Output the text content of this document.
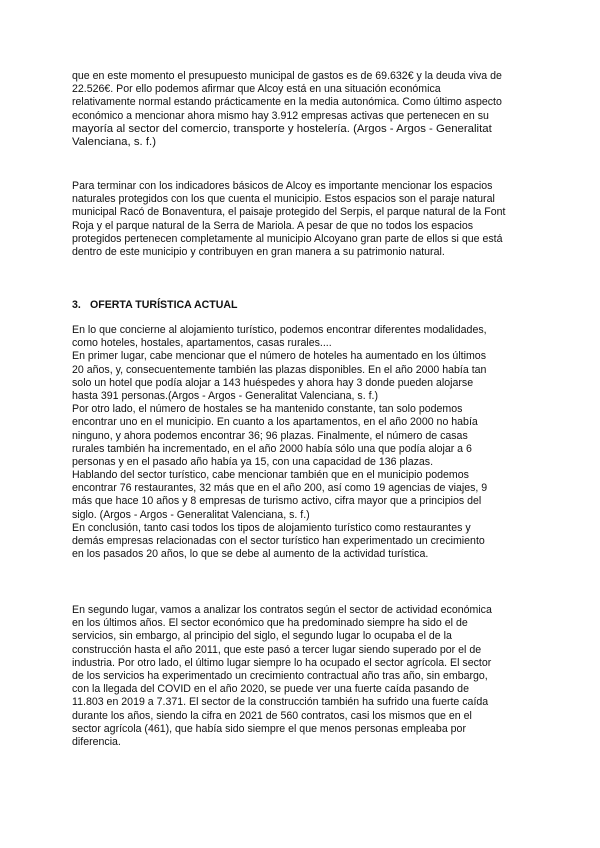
que en este momento el presupuesto municipal de gastos es de 69.632€ y la deuda viva de
22.526€. Por ello podemos afirmar que Alcoy está en una situación económica
relativamente normal estando prácticamente en la media autonómica. Como último aspecto
económico a mencionar ahora mismo hay 3.912 empresas activas que pertenecen en su
mayoría al sector del comercio, transporte y hostelería. (Argos - Argos - Generalitat
Valenciana, s. f.)
Para terminar con los indicadores básicos de Alcoy es importante mencionar los espacios
naturales protegidos con los que cuenta el municipio. Estos espacios son el paraje natural
municipal Racó de Bonaventura, el paisaje protegido del Serpis, el parque natural de la Font
Roja y el parque natural de la Serra de Mariola. A pesar de que no todos los espacios
protegidos pertenecen completamente al municipio Alcoyano gran parte de ellos si que está
dentro de este municipio y contribuyen en gran manera a su patrimonio natural.
3. OFERTA TURÍSTICA ACTUAL
En lo que concierne al alojamiento turístico, podemos encontrar diferentes modalidades,
como hoteles, hostales, apartamentos, casas rurales....
En primer lugar, cabe mencionar que el número de hoteles ha aumentado en los últimos
20 años, y, consecuentemente también las plazas disponibles. En el año 2000 había tan
solo un hotel que podía alojar a 143 huéspedes y ahora hay 3 donde pueden alojarse
hasta 391 personas.(Argos - Argos - Generalitat Valenciana, s. f.)
Por otro lado, el número de hostales se ha mantenido constante, tan solo podemos
encontrar uno en el municipio. En cuanto a los apartamentos, en el año 2000 no había
ninguno, y ahora podemos encontrar 36; 96 plazas. Finalmente, el número de casas
rurales también ha incrementado, en el año 2000 había sólo una que podía alojar a 6
personas y en el pasado año había ya 15, con una capacidad de 136 plazas.
Hablando del sector turístico, cabe mencionar también que en el municipio podemos
encontrar 76 restaurantes, 32 más que en el año 200, así como 19 agencias de viajes, 9
más que hace 10 años y 8 empresas de turismo activo, cifra mayor que a principios del
siglo. (Argos - Argos - Generalitat Valenciana, s. f.)
En conclusión, tanto casi todos los tipos de alojamiento turístico como restaurantes y
demás empresas relacionadas con el sector turístico han experimentado un crecimiento
en los pasados 20 años, lo que se debe al aumento de la actividad turística.
En segundo lugar, vamos a analizar los contratos según el sector de actividad económica
en los últimos años. El sector económico que ha predominado siempre ha sido el de
servicios, sin embargo, al principio del siglo, el segundo lugar lo ocupaba el de la
construcción hasta el año 2011, que este pasó a tercer lugar siendo superado por el de
industria. Por otro lado, el último lugar siempre lo ha ocupado el sector agrícola. El sector
de los servicios ha experimentado un crecimiento contractual año tras año, sin embargo,
con la llegada del COVID en el año 2020, se puede ver una fuerte caída pasando de
11.803 en 2019 a 7.371. El sector de la construcción también ha sufrido una fuerte caída
durante los años, siendo la cifra en 2021 de 560 contratos, casi los mismos que en el
sector agrícola (461), que había sido siempre el que menos personas empleaba por
diferencia.
